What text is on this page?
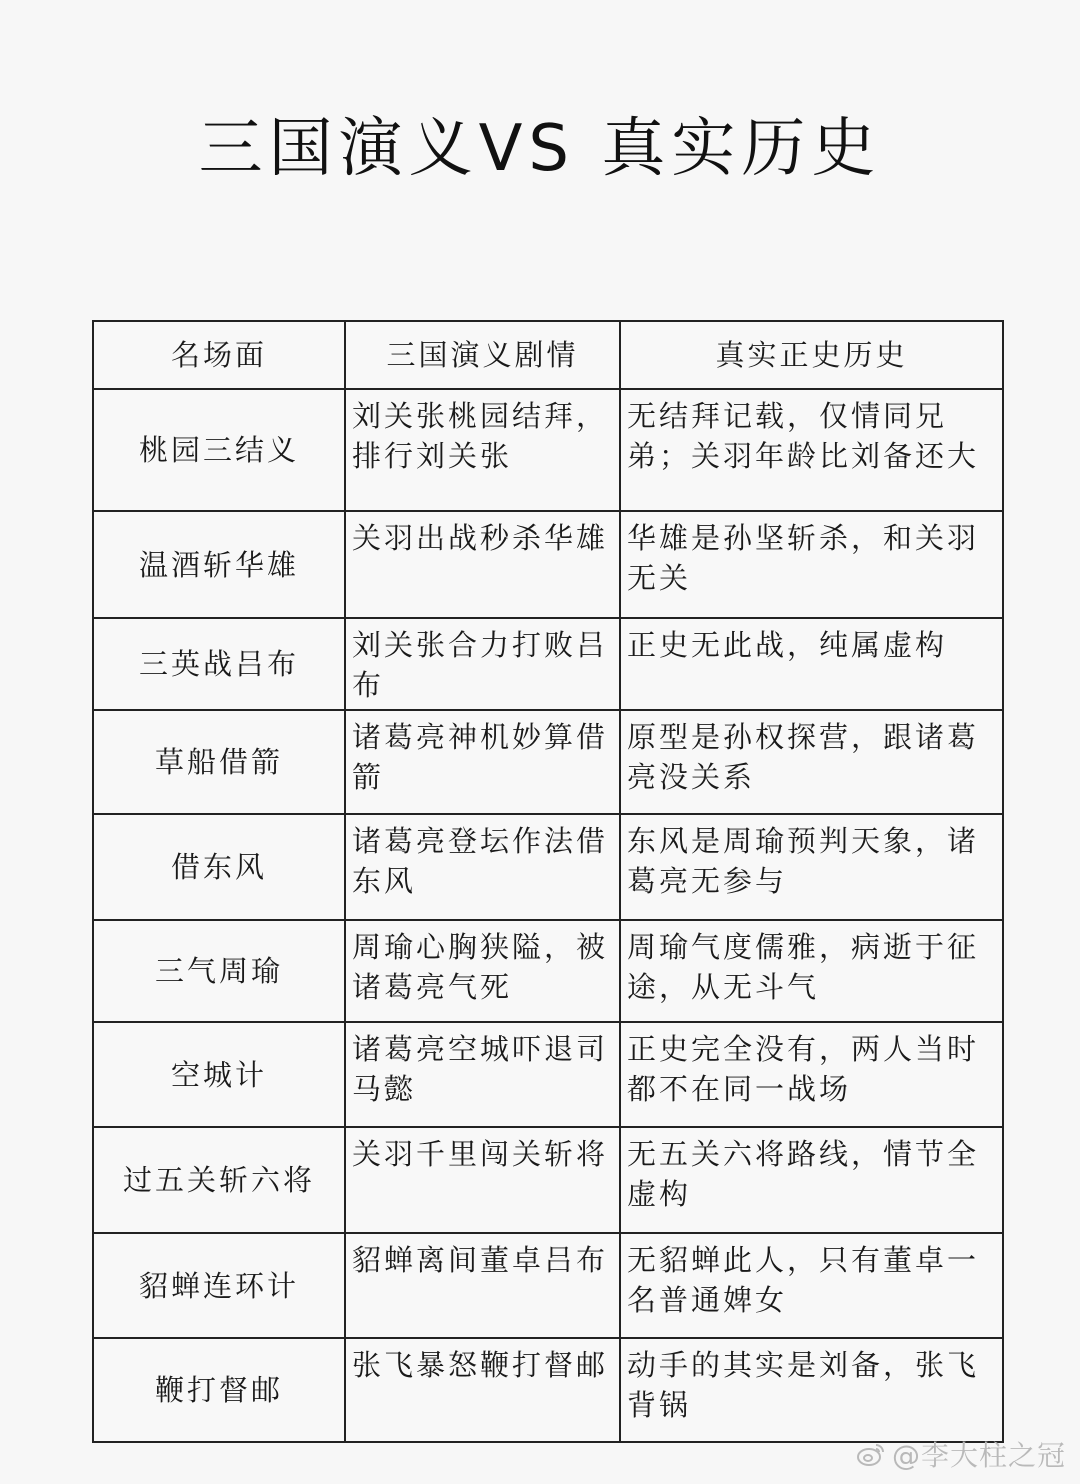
三国演义VS 真实历史
名场面	三国演义剧情	真实正史历史
桃园三结义	刘关张桃园结拜，排行刘关张	无结拜记载，仅情同兄弟；关羽年龄比刘备还大
温酒斩华雄	关羽出战秒杀华雄	华雄是孙坚斩杀，和关羽无关
三英战吕布	刘关张合力打败吕布	正史无此战，纯属虚构
草船借箭	诸葛亮神机妙算借箭	原型是孙权探营，跟诸葛亮没关系
借东风	诸葛亮登坛作法借东风	东风是周瑜预判天象，诸葛亮无参与
三气周瑜	周瑜心胸狭隘，被诸葛亮气死	周瑜气度儒雅，病逝于征途，从无斗气
空城计	诸葛亮空城吓退司马懿	正史完全没有，两人当时都不在同一战场
过五关斩六将	关羽千里闯关斩将	无五关六将路线，情节全虚构
貂蝉连环计	貂蝉离间董卓吕布	无貂蝉此人，只有董卓一名普通婢女
鞭打督邮	张飞暴怒鞭打督邮	动手的其实是刘备，张飞背锅
@李大柱之冠
